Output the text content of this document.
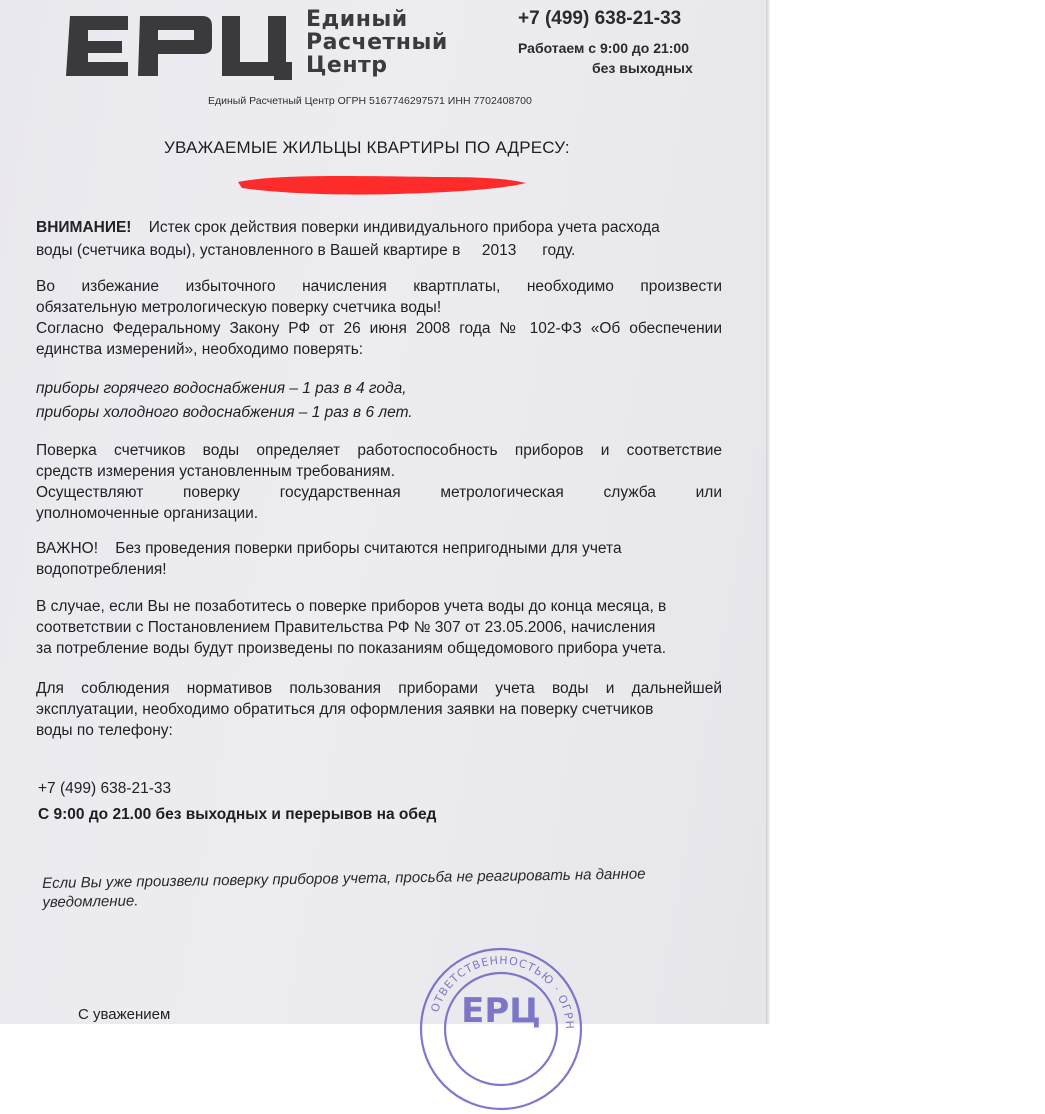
Единый
Расчетный
Центр
+7 (499) 638-21-33
Работаем с 9:00 до 21:00
без выходных
Единый Расчетный Центр ОГРН 5167746297571 ИНН 7702408700
УВАЖАЕМЫЕ ЖИЛЬЦЫ КВАРТИРЫ ПО АДРЕСУ:
ВНИМАНИЕ! Истек срок действия поверки индивидуального прибора учета расхода
воды (счетчика воды), установленного в Вашей квартире в 2013 году.
Во избежание избыточного начисления квартплаты, необходимо произвести
обязательную метрологическую поверку счетчика воды!
Согласно Федеральному Закону РФ от 26 июня 2008 года № 102-ФЗ «Об обеспечении
единства измерений», необходимо поверять:
приборы горячего водоснабжения – 1 раз в 4 года,
приборы холодного водоснабжения – 1 раз в 6 лет.
Поверка счетчиков воды определяет работоспособность приборов и соответствие
средств измерения установленным требованиям.
Осуществляют поверку государственная метрологическая служба или
уполномоченные организации.
ВАЖНО! Без проведения поверки приборы считаются непригодными для учета
водопотребления!
В случае, если Вы не позаботитесь о поверке приборов учета воды до конца месяца, в
соответствии с Постановлением Правительства РФ № 307 от 23.05.2006, начисления
за потребление воды будут произведены по показаниям общедомового прибора учета.
Для соблюдения нормативов пользования приборами учета воды и дальнейшей
эксплуатации, необходимо обратиться для оформления заявки на поверку счетчиков
воды по телефону:
+7 (499) 638-21-33
С 9:00 до 21.00 без выходных и перерывов на обед
Если Вы уже произвели поверку приборов учета, просьба не реагировать на данное
уведомление.
С уважением	ОТВЕТСТВЕННОСТЬЮ · ОГРН
ЕРЦ
